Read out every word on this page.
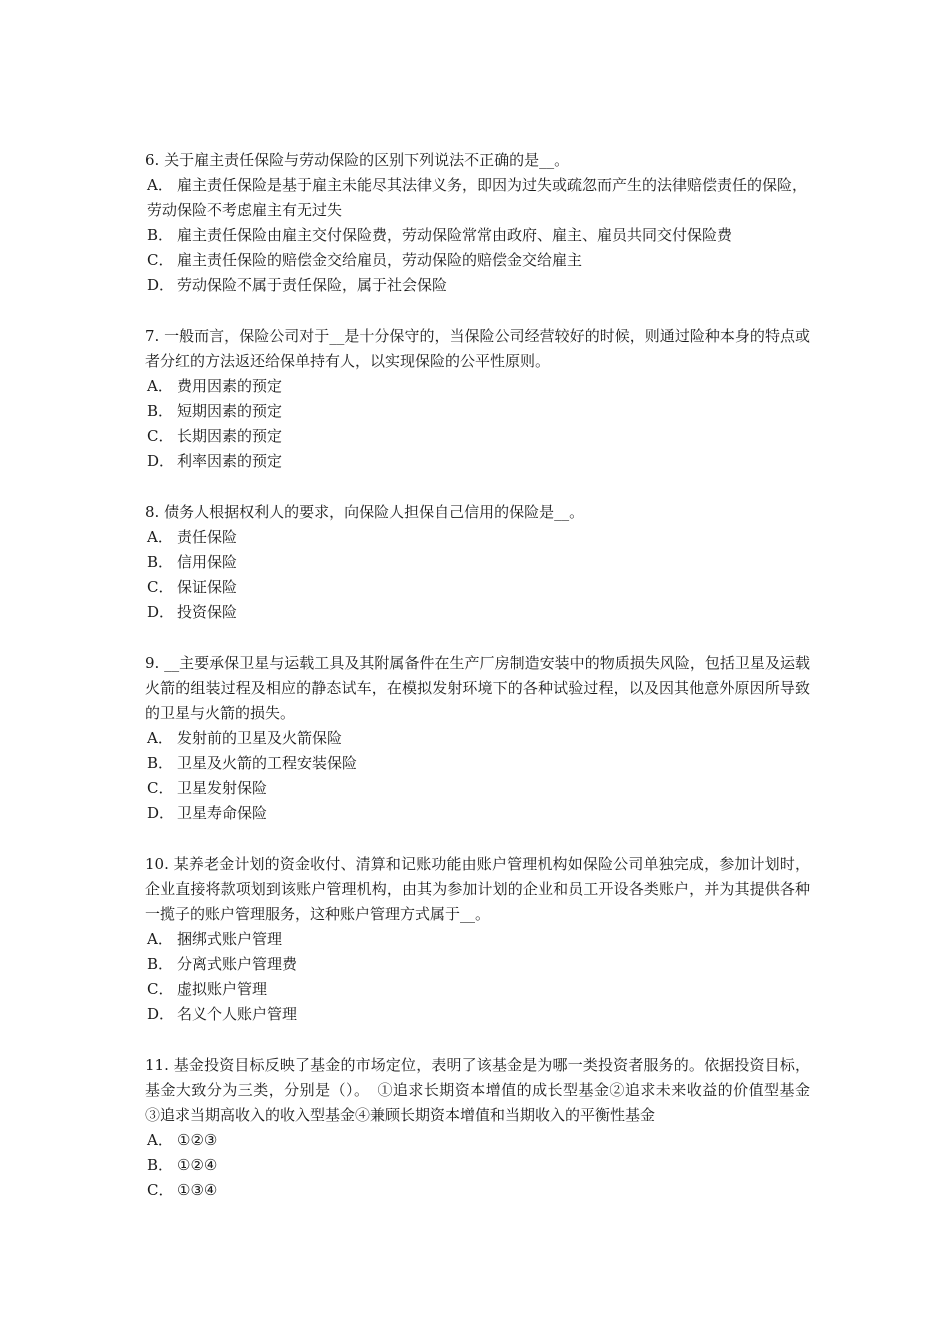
6. 关于雇主责任保险与劳动保险的区别下列说法不正确的是__。

A． 雇主责任保险是基于雇主未能尽其法律义务，即因为过失或疏忽而产生的法律赔偿责任的保险，劳动保险不考虑雇主有无过失

B． 雇主责任保险由雇主交付保险费，劳动保险常常由政府、雇主、雇员共同交付保险费

C． 雇主责任保险的赔偿金交给雇员，劳动保险的赔偿金交给雇主

D． 劳动保险不属于责任保险，属于社会保险

7. 一般而言，保险公司对于__是十分保守的，当保险公司经营较好的时候，则通过险种本身的特点或者分红的方法返还给保单持有人，以实现保险的公平性原则。

A． 费用因素的预定

B． 短期因素的预定

C． 长期因素的预定

D． 利率因素的预定

8. 债务人根据权利人的要求，向保险人担保自己信用的保险是__。

A． 责任保险

B． 信用保险

C． 保证保险

D． 投资保险

9. __主要承保卫星与运载工具及其附属备件在生产厂房制造安装中的物质损失风险，包括卫星及运载火箭的组装过程及相应的静态试车，在模拟发射环境下的各种试验过程，以及因其他意外原因所导致的卫星与火箭的损失。

A． 发射前的卫星及火箭保险

B． 卫星及火箭的工程安装保险

C． 卫星发射保险

D． 卫星寿命保险

10. 某养老金计划的资金收付、清算和记账功能由账户管理机构如保险公司单独完成，参加计划时，企业直接将款项划到该账户管理机构，由其为参加计划的企业和员工开设各类账户，并为其提供各种一揽子的账户管理服务，这种账户管理方式属于__。

A． 捆绑式账户管理

B． 分离式账户管理费

C． 虚拟账户管理

D． 名义个人账户管理

11. 基金投资目标反映了基金的市场定位，表明了该基金是为哪一类投资者服务的。依据投资目标，基金大致分为三类，分别是（）。　①追求长期资本增值的成长型基金②追求未来收益的价值型基金　③追求当期高收入的收入型基金④兼顾长期资本增值和当期收入的平衡性基金

A． ①②③

B． ①②④

C． ①③④
